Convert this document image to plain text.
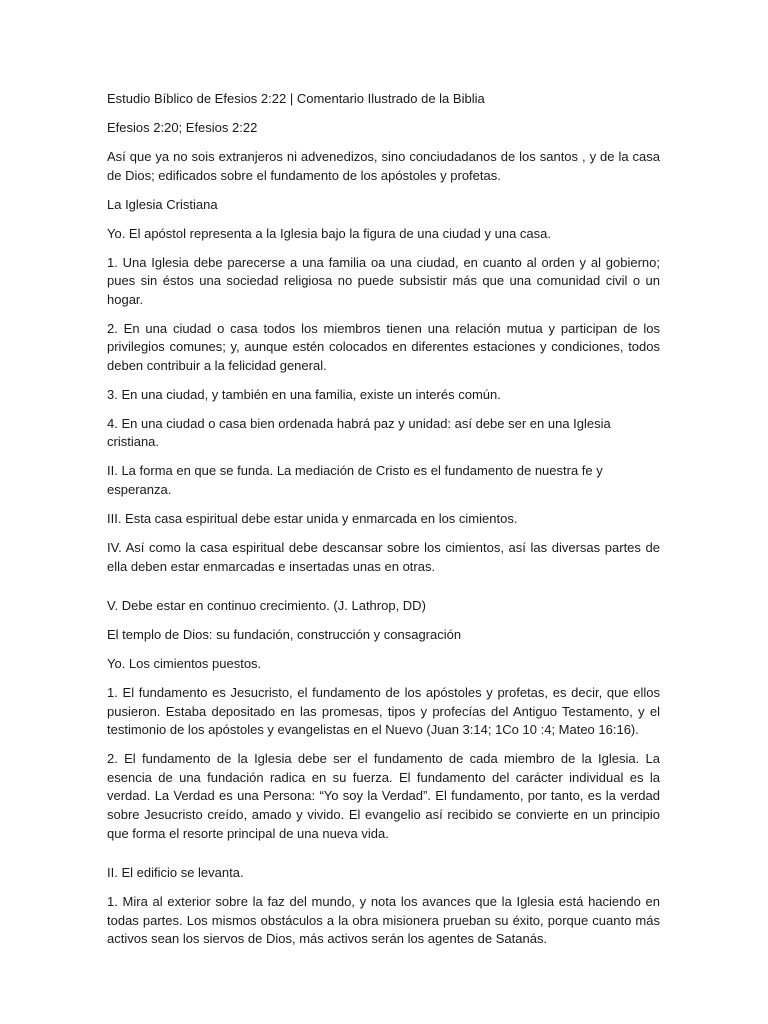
Estudio Bíblico de Efesios 2:22 | Comentario Ilustrado de la Biblia

Efesios 2:20; Efesios 2:22

Así que ya no sois extranjeros ni advenedizos, sino conciudadanos de los santos , y de la casa de Dios; edificados sobre el fundamento de los apóstoles y profetas.

La Iglesia Cristiana

Yo. El apóstol representa a la Iglesia bajo la figura de una ciudad y una casa.

1. Una Iglesia debe parecerse a una familia oa una ciudad, en cuanto al orden y al gobierno; pues sin éstos una sociedad religiosa no puede subsistir más que una comunidad civil o un hogar.

2. En una ciudad o casa todos los miembros tienen una relación mutua y participan de los privilegios comunes; y, aunque estén colocados en diferentes estaciones y condiciones, todos deben contribuir a la felicidad general.

3. En una ciudad, y también en una familia, existe un interés común.

4. En una ciudad o casa bien ordenada habrá paz y unidad: así debe ser en una Iglesia cristiana.

II. La forma en que se funda. La mediación de Cristo es el fundamento de nuestra fe y esperanza.

III. Esta casa espiritual debe estar unida y enmarcada en los cimientos.

IV. Así como la casa espiritual debe descansar sobre los cimientos, así las diversas partes de ella deben estar enmarcadas e insertadas unas en otras.

V. Debe estar en continuo crecimiento. (J. Lathrop, DD)

El templo de Dios: su fundación, construcción y consagración

Yo. Los cimientos puestos.

1. El fundamento es Jesucristo, el fundamento de los apóstoles y profetas, es decir, que ellos pusieron. Estaba depositado en las promesas, tipos y profecías del Antiguo Testamento, y el testimonio de los apóstoles y evangelistas en el Nuevo (Juan 3:14; 1Co 10 :4; Mateo 16:16).

2. El fundamento de la Iglesia debe ser el fundamento de cada miembro de la Iglesia. La esencia de una fundación radica en su fuerza. El fundamento del carácter individual es la verdad. La Verdad es una Persona: “Yo soy la Verdad”. El fundamento, por tanto, es la verdad sobre Jesucristo creído, amado y vivido. El evangelio así recibido se convierte en un principio que forma el resorte principal de una nueva vida.

II. El edificio se levanta.

1. Mira al exterior sobre la faz del mundo, y nota los avances que la Iglesia está haciendo en todas partes. Los mismos obstáculos a la obra misionera prueban su éxito, porque cuanto más activos sean los siervos de Dios, más activos serán los agentes de Satanás.
